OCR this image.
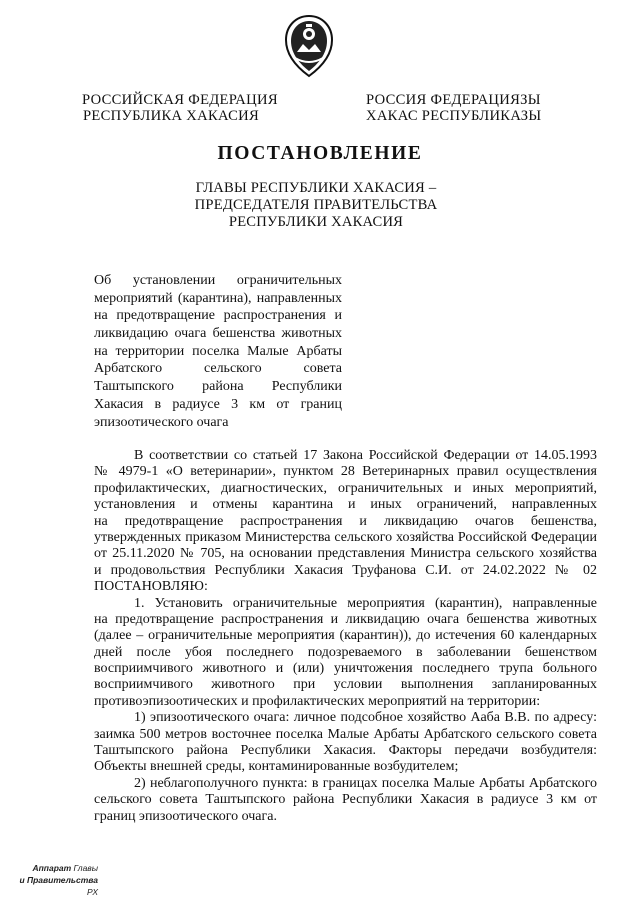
РОССИЙСКАЯ ФЕДЕРАЦИЯ
РЕСПУБЛИКА ХАКАСИЯ
РОССИЯ ФЕДЕРАЦИЯЗЫ
ХАКАС РЕСПУБЛИКАЗЫ
ПОСТАНОВЛЕНИЕ
ГЛАВЫ РЕСПУБЛИКИ ХАКАСИЯ –
ПРЕДСЕДАТЕЛЯ ПРАВИТЕЛЬСТВА
РЕСПУБЛИКИ ХАКАСИЯ
Об установлении ограничительных
мероприятий (карантина), направленных
на предотвращение распространения и
ликвидацию очага бешенства животных
на территории поселка Малые Арбаты
Арбатского сельского совета
Таштыпского района Республики
Хакасия в радиусе 3 км от границ
эпизоотического очага
В соответствии со статьей 17 Закона Российской Федерации от 14.05.1993
№ 4979-1 «О ветеринарии», пунктом 28 Ветеринарных правил осуществления
профилактических, диагностических, ограничительных и иных мероприятий,
установления и отмены карантина и иных ограничений, направленных
на предотвращение распространения и ликвидацию очагов бешенства,
утвержденных приказом Министерства сельского хозяйства Российской Федерации
от 25.11.2020 № 705, на основании представления Министра сельского хозяйства
и продовольствия Республики Хакасия Труфанова С.И. от 24.02.2022 № 02
ПОСТАНОВЛЯЮ:
1. Установить ограничительные мероприятия (карантин), направленные
на предотвращение распространения и ликвидацию очага бешенства животных
(далее – ограничительные мероприятия (карантин)), до истечения 60 календарных
дней после убоя последнего подозреваемого в заболевании бешенством
восприимчивого животного и (или) уничтожения последнего трупа больного
восприимчивого животного при условии выполнения запланированных
противоэпизоотических и профилактических мероприятий на территории:
1) эпизоотического очага: личное подсобное хозяйство Ааба В.В. по адресу:
заимка 500 метров восточнее поселка Малые Арбаты Арбатского сельского совета
Таштыпского района Республики Хакасия. Факторы передачи возбудителя:
Объекты внешней среды, контаминированные возбудителем;
2) неблагополучного пункта: в границах поселка Малые Арбаты Арбатского
сельского совета Таштыпского района Республики Хакасия в радиусе 3 км от
границ эпизоотического очага.
Аппарат Главы
и Правительства РХ
